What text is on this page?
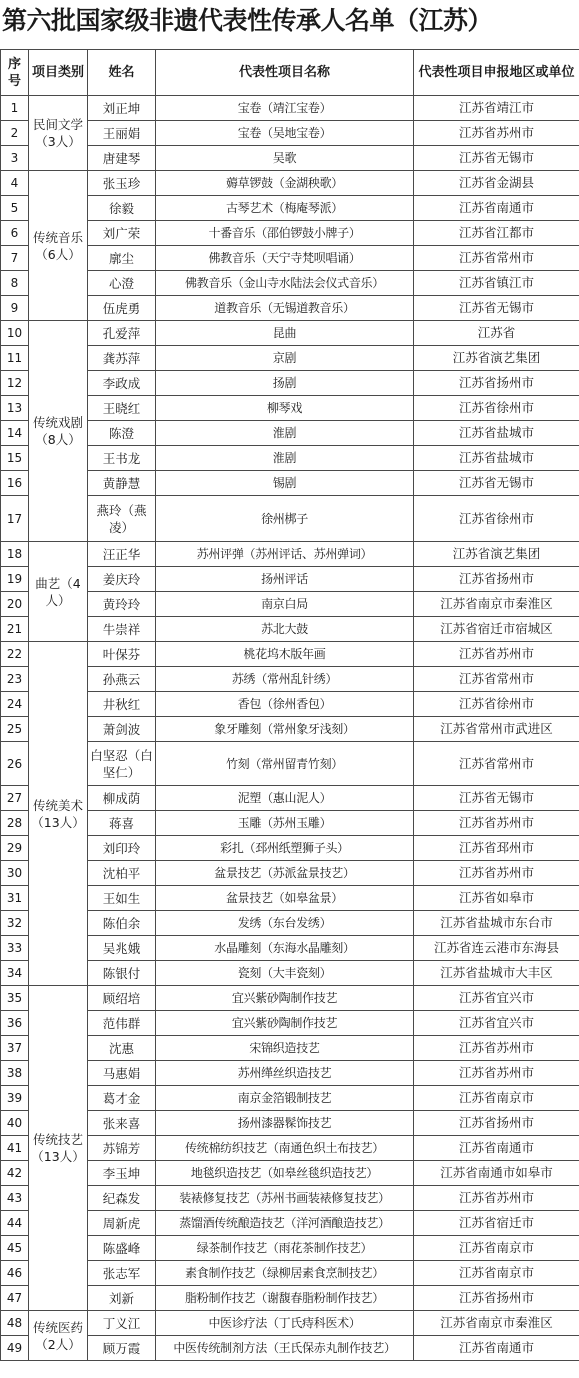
第六批国家级非遗代表性传承人名单（江苏）
序号	项目类别	姓名	代表性项目名称	代表性项目申报地区或单位
1	民间文学（3人）	刘正坤	宝卷（靖江宝卷）	江苏省靖江市
2		王丽娟	宝卷（吴地宝卷）	江苏省苏州市
3		唐建琴	吴歌	江苏省无锡市
4	传统音乐（6人）	张玉珍	薅草锣鼓（金湖秧歌）	江苏省金湖县
5		徐毅	古琴艺术（梅庵琴派）	江苏省南通市
6		刘广荣	十番音乐（邵伯锣鼓小牌子）	江苏省江都市
7		廓尘	佛教音乐（天宁寺梵呗唱诵）	江苏省常州市
8		心澄	佛教音乐（金山寺水陆法会仪式音乐）	江苏省镇江市
9		伍虎勇	道教音乐（无锡道教音乐）	江苏省无锡市
10	传统戏剧（8人）	孔爱萍	昆曲	江苏省
11		龚苏萍	京剧	江苏省演艺集团
12		李政成	扬剧	江苏省扬州市
13		王晓红	柳琴戏	江苏省徐州市
14		陈澄	淮剧	江苏省盐城市
15		王书龙	淮剧	江苏省盐城市
16		黄静慧	锡剧	江苏省无锡市
17		燕玲（燕凌）	徐州梆子	江苏省徐州市
18	曲艺（4人）	汪正华	苏州评弹（苏州评话、苏州弹词）	江苏省演艺集团
19		姜庆玲	扬州评话	江苏省扬州市
20		黄玲玲	南京白局	江苏省南京市秦淮区
21		牛崇祥	苏北大鼓	江苏省宿迁市宿城区
22	传统美术（13人）	叶保芬	桃花坞木版年画	江苏省苏州市
23		孙燕云	苏绣（常州乱针绣）	江苏省常州市
24		井秋红	香包（徐州香包）	江苏省徐州市
25		萧剑波	象牙雕刻（常州象牙浅刻）	江苏省常州市武进区
26		白坚忍（白坚仁）	竹刻（常州留青竹刻）	江苏省常州市
27		柳成荫	泥塑（惠山泥人）	江苏省无锡市
28		蒋喜	玉雕（苏州玉雕）	江苏省苏州市
29		刘印玲	彩扎（邳州纸塑狮子头）	江苏省邳州市
30		沈柏平	盆景技艺（苏派盆景技艺）	江苏省苏州市
31		王如生	盆景技艺（如皋盆景）	江苏省如皋市
32		陈伯余	发绣（东台发绣）	江苏省盐城市东台市
33		吴兆娥	水晶雕刻（东海水晶雕刻）	江苏省连云港市东海县
34		陈银付	瓷刻（大丰瓷刻）	江苏省盐城市大丰区
35	传统技艺（13人）	顾绍培	宜兴紫砂陶制作技艺	江苏省宜兴市
36		范伟群	宜兴紫砂陶制作技艺	江苏省宜兴市
37		沈惠	宋锦织造技艺	江苏省苏州市
38		马惠娟	苏州缂丝织造技艺	江苏省苏州市
39		葛才金	南京金箔锻制技艺	江苏省南京市
40		张来喜	扬州漆器髹饰技艺	江苏省扬州市
41		苏锦芳	传统棉纺织技艺（南通色织土布技艺）	江苏省南通市
42		李玉坤	地毯织造技艺（如皋丝毯织造技艺）	江苏省南通市如皋市
43		纪森发	装裱修复技艺（苏州书画装裱修复技艺）	江苏省苏州市
44		周新虎	蒸馏酒传统酿造技艺（洋河酒酿造技艺）	江苏省宿迁市
45		陈盛峰	绿茶制作技艺（雨花茶制作技艺）	江苏省南京市
46		张志军	素食制作技艺（绿柳居素食烹制技艺）	江苏省南京市
47		刘新	脂粉制作技艺（谢馥春脂粉制作技艺）	江苏省扬州市
48	传统医药（2人）	丁义江	中医诊疗法（丁氏痔科医术）	江苏省南京市秦淮区
49		顾万霞	中医传统制剂方法（王氏保赤丸制作技艺）	江苏省南通市
